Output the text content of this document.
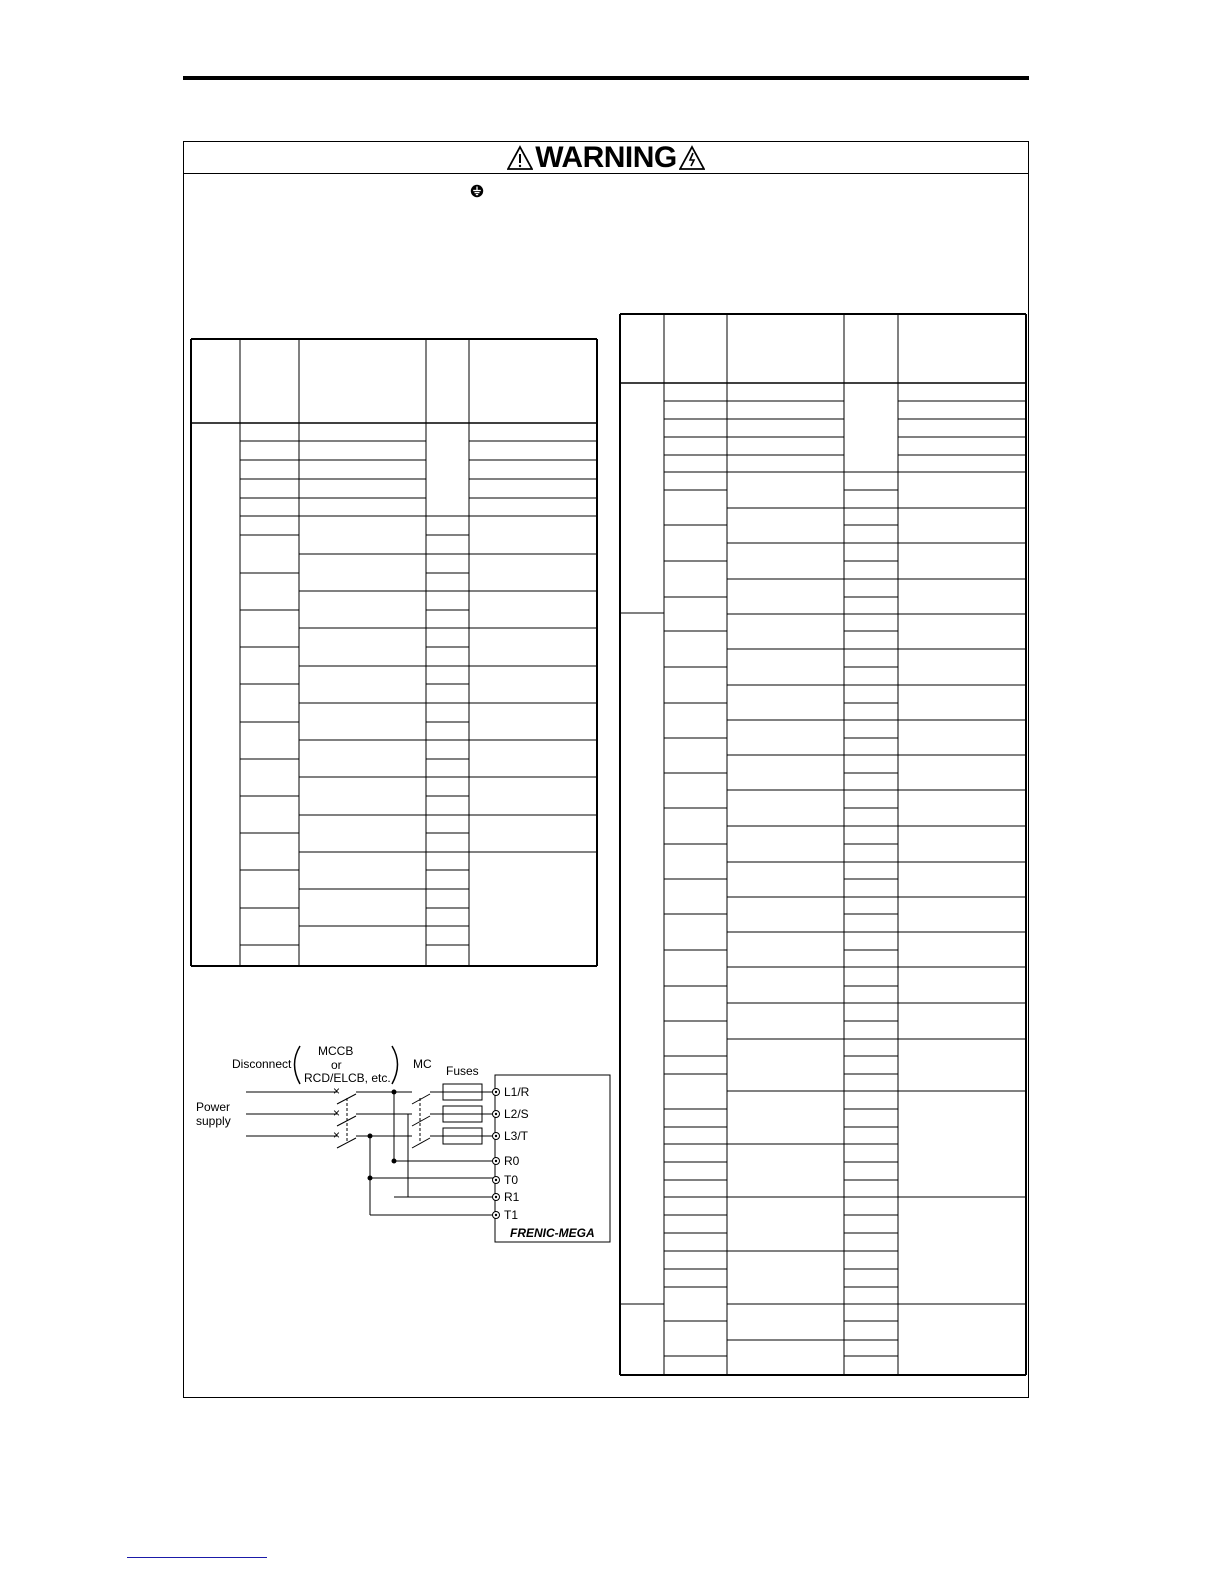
WARNING
Disconnect
MCCB
or
RCD/ELCB, etc.
MC Fuses
Power
supply
×
×
×
L1/R
L2/S
L3/T
R0
T0
R1
T1
FRENIC-MEGA
